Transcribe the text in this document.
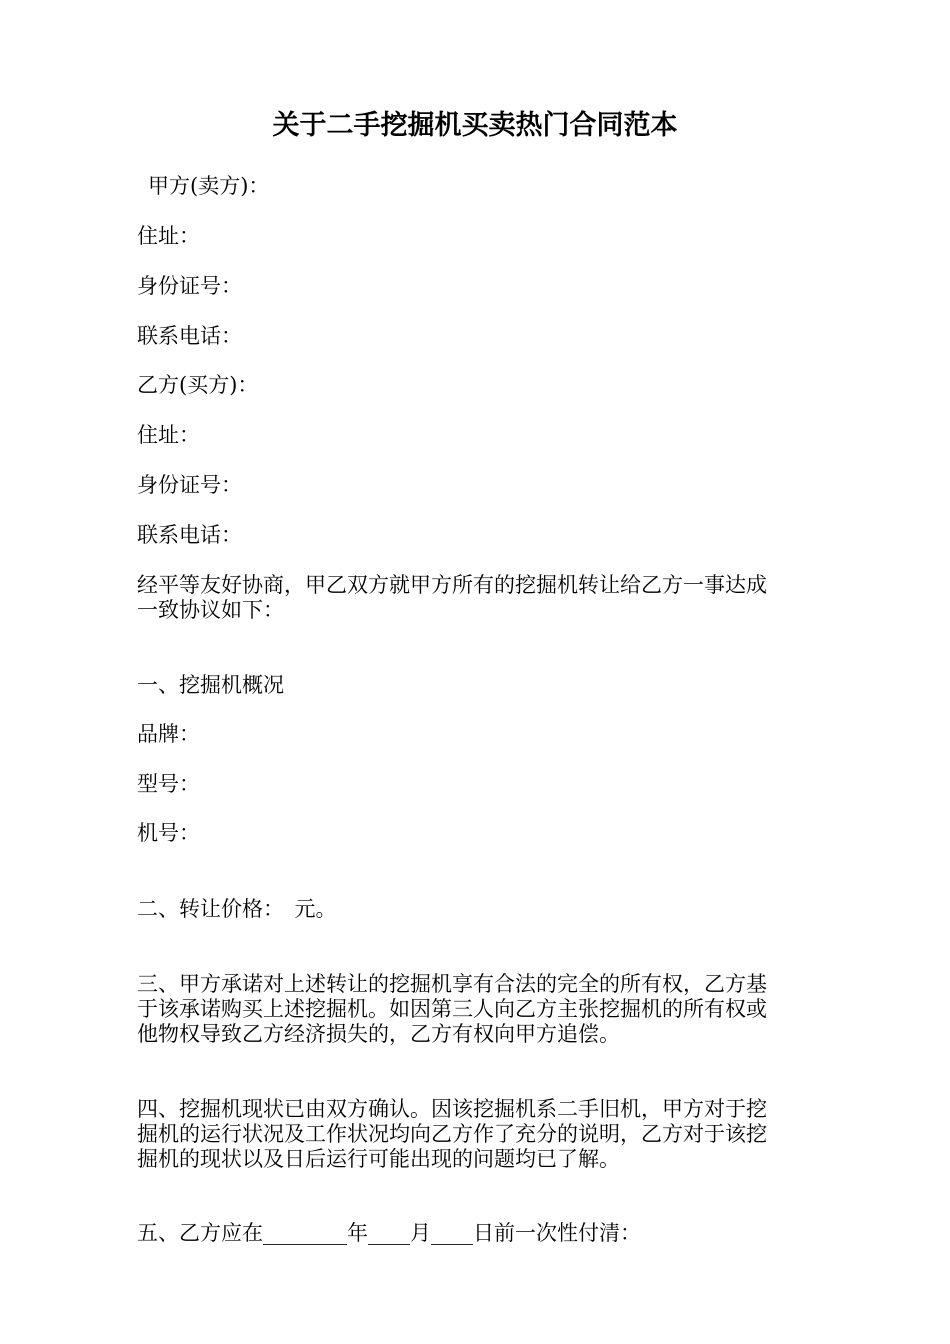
关于二手挖掘机买卖热门合同范本
甲方(卖方)：
住址：
身份证号：
联系电话：
乙方(买方)：
住址：
身份证号：
联系电话：
经平等友好协商，甲乙双方就甲方所有的挖掘机转让给乙方一事达成
一致协议如下：
一、挖掘机概况
品牌：
型号：
机号：
二、转让价格：　元。
三、甲方承诺对上述转让的挖掘机享有合法的完全的所有权，乙方基
于该承诺购买上述挖掘机。如因第三人向乙方主张挖掘机的所有权或
他物权导致乙方经济损失的，乙方有权向甲方追偿。
四、挖掘机现状已由双方确认。因该挖掘机系二手旧机，甲方对于挖
掘机的运行状况及工作状况均向乙方作了充分的说明，乙方对于该挖
掘机的现状以及日后运行可能出现的问题均已了解。
五、乙方应在________年____月____日前一次性付清：
